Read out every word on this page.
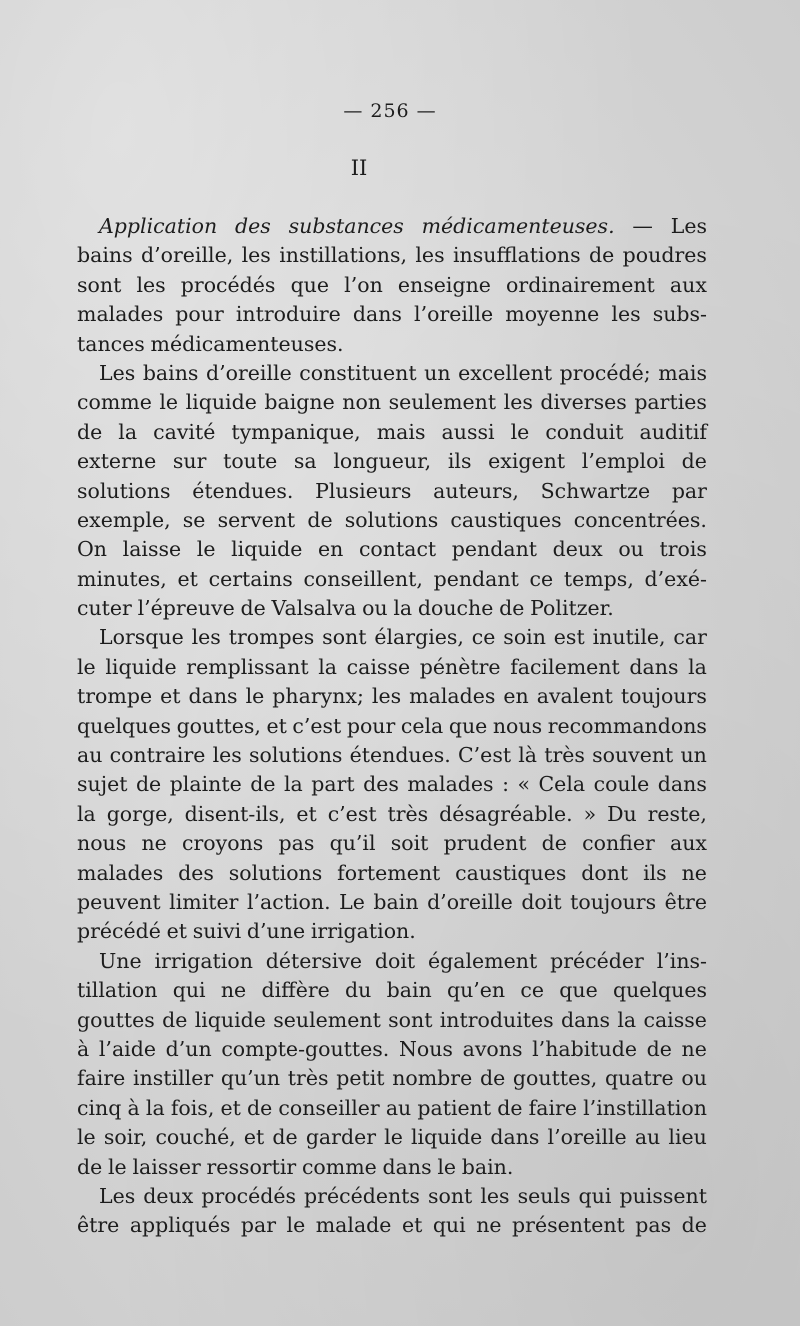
— 256 —
II
Application des substances médicamenteuses. — Les
bains d’oreille, les instillations, les insufflations de poudres
sont les procédés que l’on enseigne ordinairement aux
malades pour introduire dans l’oreille moyenne les subs-
tances médicamenteuses.
Les bains d’oreille constituent un excellent procédé; mais
comme le liquide baigne non seulement les diverses parties
de la cavité tympanique, mais aussi le conduit auditif
externe sur toute sa longueur, ils exigent l’emploi de
solutions étendues. Plusieurs auteurs, Schwartze par
exemple, se servent de solutions caustiques concentrées.
On laisse le liquide en contact pendant deux ou trois
minutes, et certains conseillent, pendant ce temps, d’exé-
cuter l’épreuve de Valsalva ou la douche de Politzer.
Lorsque les trompes sont élargies, ce soin est inutile, car
le liquide remplissant la caisse pénètre facilement dans la
trompe et dans le pharynx; les malades en avalent toujours
quelques gouttes, et c’est pour cela que nous recommandons
au contraire les solutions étendues. C’est là très souvent un
sujet de plainte de la part des malades : « Cela coule dans
la gorge, disent-ils, et c’est très désagréable. » Du reste,
nous ne croyons pas qu’il soit prudent de confier aux
malades des solutions fortement caustiques dont ils ne
peuvent limiter l’action. Le bain d’oreille doit toujours être
précédé et suivi d’une irrigation.
Une irrigation détersive doit également précéder l’ins-
tillation qui ne diffère du bain qu’en ce que quelques
gouttes de liquide seulement sont introduites dans la caisse
à l’aide d’un compte-gouttes. Nous avons l’habitude de ne
faire instiller qu’un très petit nombre de gouttes, quatre ou
cinq à la fois, et de conseiller au patient de faire l’instillation
le soir, couché, et de garder le liquide dans l’oreille au lieu
de le laisser ressortir comme dans le bain.
Les deux procédés précédents sont les seuls qui puissent
être appliqués par le malade et qui ne présentent pas de
